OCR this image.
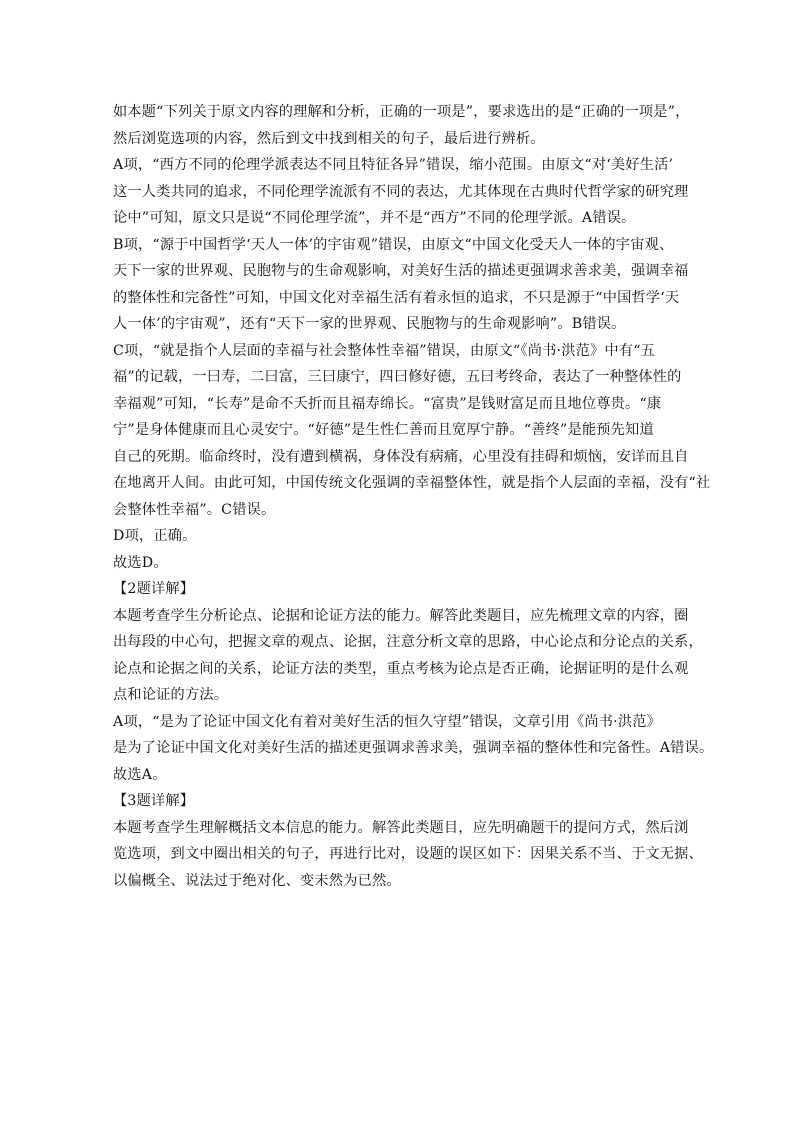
如本题“下列关于原文内容的理解和分析，正确的一项是”，要求选出的是“正确的一项是”，
然后浏览选项的内容，然后到文中找到相关的句子，最后进行辨析。
A项，“西方不同的伦理学派表达不同且特征各异”错误，缩小范围。由原文“对‘美好生活’
这一人类共同的追求，不同伦理学流派有不同的表达，尤其体现在古典时代哲学家的研究理
论中”可知，原文只是说“不同伦理学流”，并不是“西方”不同的伦理学派。A错误。
B项，“源于中国哲学‘天人一体’的宇宙观”错误，由原文“中国文化受天人一体的宇宙观、
天下一家的世界观、民胞物与的生命观影响，对美好生活的描述更强调求善求美，强调幸福
的整体性和完备性”可知，中国文化对幸福生活有着永恒的追求，不只是源于“中国哲学‘天
人一体’的宇宙观”，还有“天下一家的世界观、民胞物与的生命观影响”。B错误。
C项，“就是指个人层面的幸福与社会整体性幸福”错误，由原文“《尚书·洪范》中有“五
福”的记载，一曰寿，二曰富，三曰康宁，四曰修好德，五曰考终命，表达了一种整体性的
幸福观”可知，“长寿”是命不夭折而且福寿绵长。“富贵”是钱财富足而且地位尊贵。“康
宁”是身体健康而且心灵安宁。“好德”是生性仁善而且宽厚宁静。“善终”是能预先知道
自己的死期。临命终时，没有遭到横祸，身体没有病痛，心里没有挂碍和烦恼，安详而且自
在地离开人间。由此可知，中国传统文化强调的幸福整体性，就是指个人层面的幸福，没有“社
会整体性幸福”。C错误。
D项，正确。
故选D。
【2题详解】
本题考查学生分析论点、论据和论证方法的能力。解答此类题目，应先梳理文章的内容，圈
出每段的中心句，把握文章的观点、论据，注意分析文章的思路，中心论点和分论点的关系，
论点和论据之间的关系，论证方法的类型，重点考核为论点是否正确，论据证明的是什么观
点和论证的方法。
A项，“是为了论证中国文化有着对美好生活的恒久守望”错误，文章引用《尚书·洪范》
是为了论证中国文化对美好生活的描述更强调求善求美，强调幸福的整体性和完备性。A错误。
故选A。
【3题详解】
本题考查学生理解概括文本信息的能力。解答此类题目，应先明确题干的提问方式，然后浏
览选项，到文中圈出相关的句子，再进行比对，设题的误区如下：因果关系不当、于文无据、
以偏概全、说法过于绝对化、变未然为已然。
